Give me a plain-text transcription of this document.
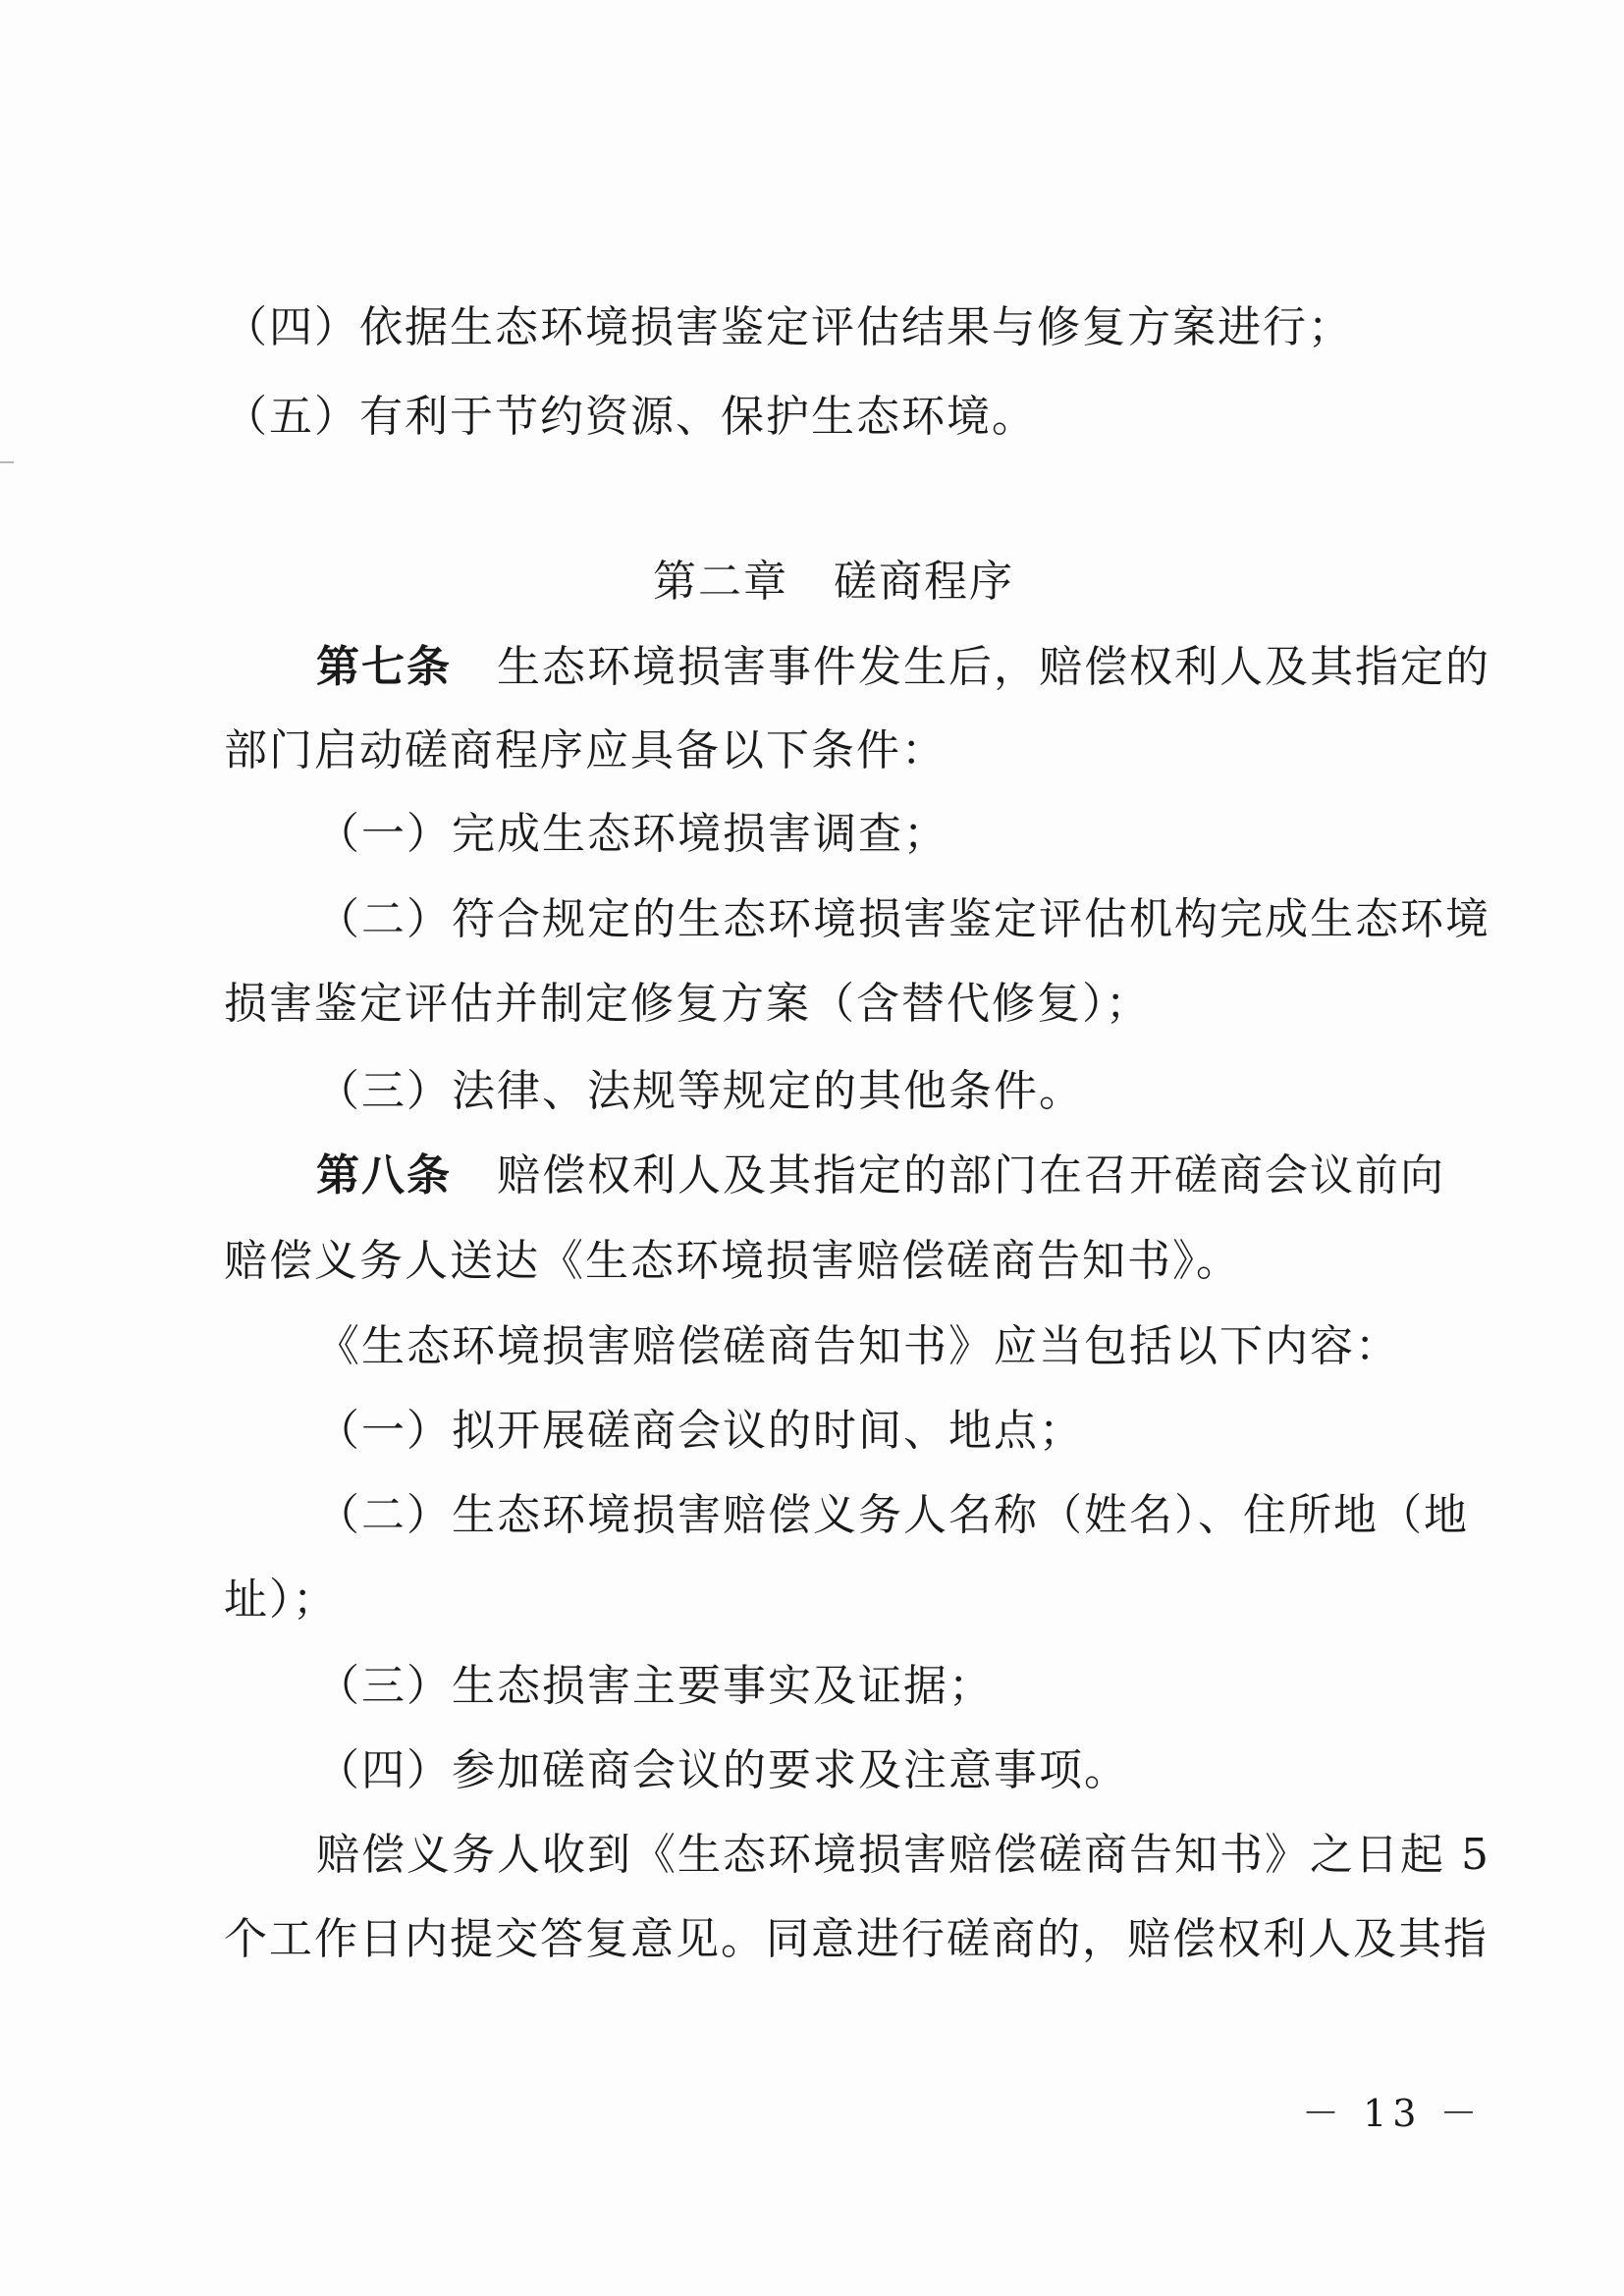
（四）依据生态环境损害鉴定评估结果与修复方案进行；
（五）有利于节约资源、保护生态环境。
第二章　磋商程序
第七条　 生态环境损害事件发生后，赔偿权利人及其指定的
部门启动磋商程序应具备以下条件：
（一）完成生态环境损害调查；
（二）符合规定的生态环境损害鉴定评估机构完成生态环境
损害鉴定评估并制定修复方案（含替代修复）；
（三）法律、法规等规定的其他条件。
第八条　 赔偿权利人及其指定的部门在召开磋商会议前向
赔偿义务人送达《生态环境损害赔偿磋商告知书》。
《生态环境损害赔偿磋商告知书》应当包括以下内容：
（一）拟开展磋商会议的时间、地点；
（二）生态环境损害赔偿义务人名称（姓名）、住所地（地
址）；
（三）生态损害主要事实及证据；
（四）参加磋商会议的要求及注意事项。
赔偿义务人收到《生态环境损害赔偿磋商告知书》之日起 5
个工作日内提交答复意见。同意进行磋商的，赔偿权利人及其指
－ 13 －
